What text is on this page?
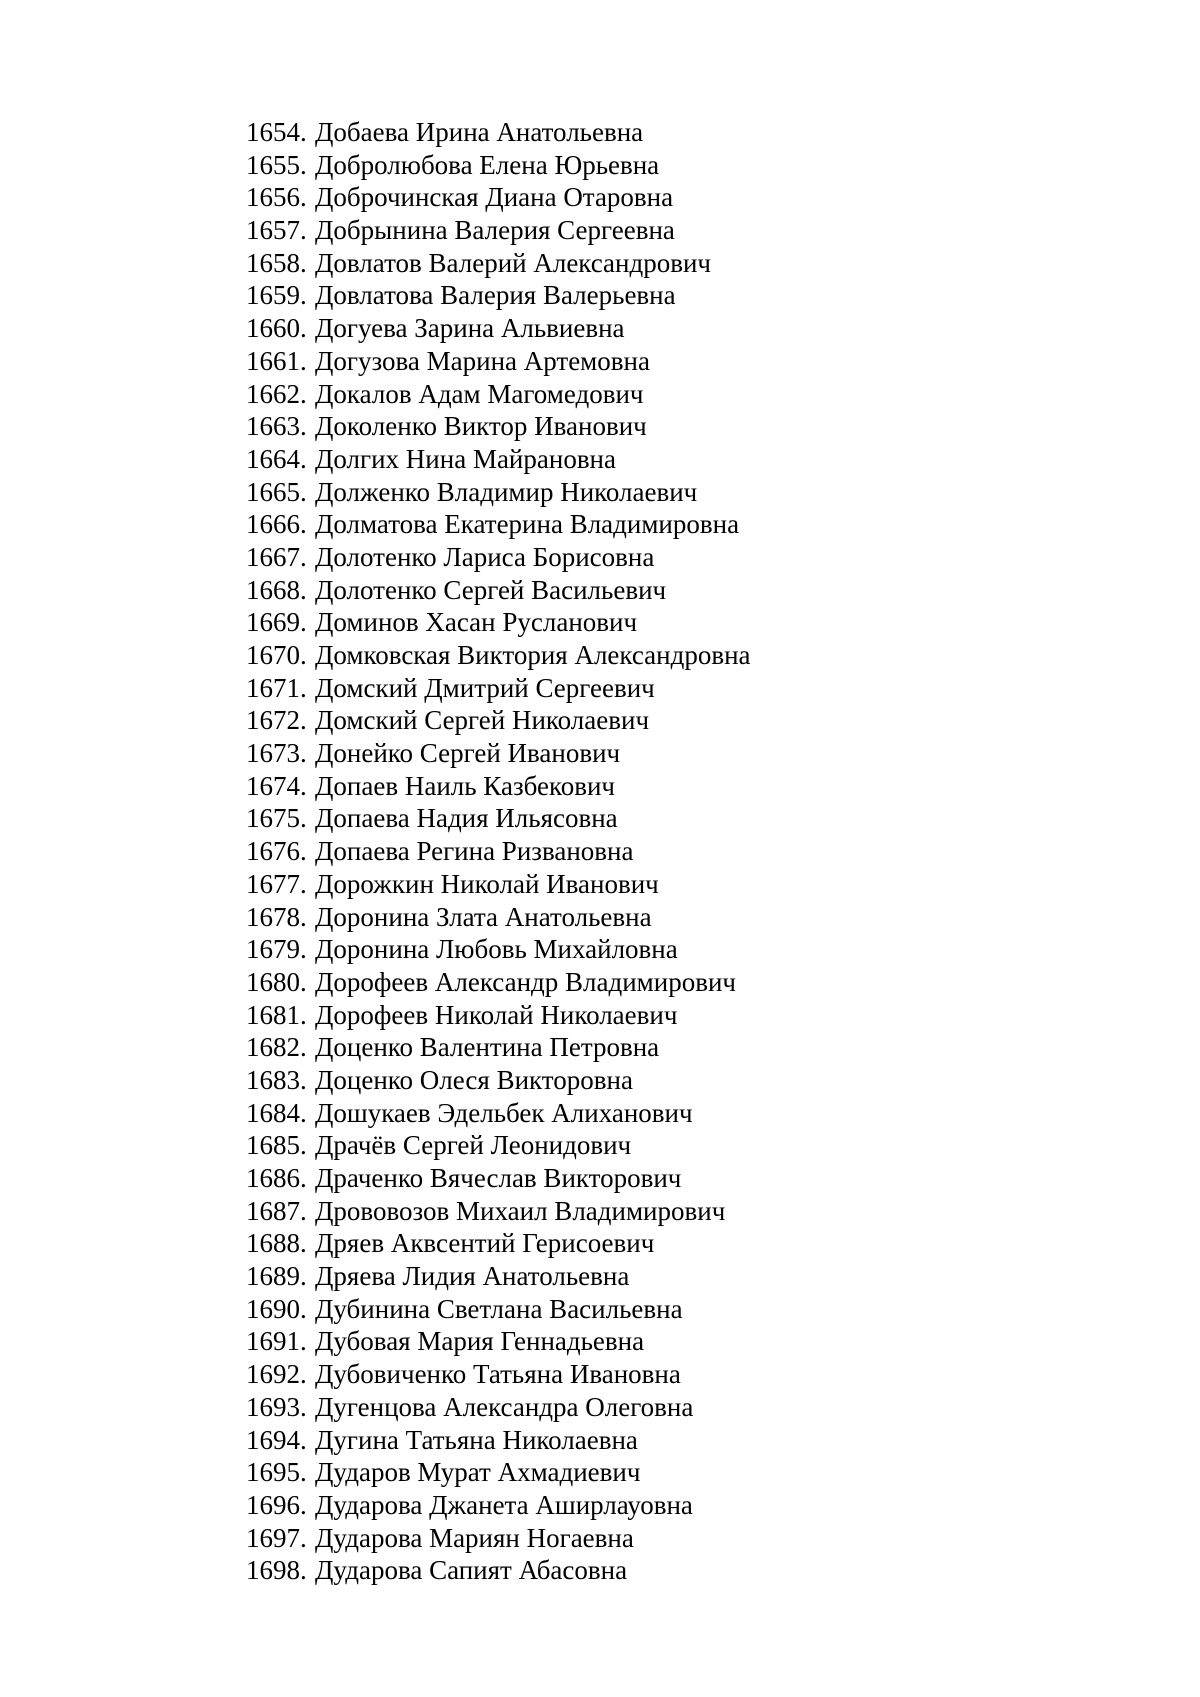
1654. Добаева Ирина Анатольевна
1655. Добролюбова Елена Юрьевна
1656. Доброчинская Диана Отаровна
1657. Добрынина Валерия Сергеевна
1658. Довлатов Валерий Александрович
1659. Довлатова Валерия Валерьевна
1660. Догуева Зарина Альвиевна
1661. Догузова Марина Артемовна
1662. Докалов Адам Магомедович
1663. Доколенко Виктор Иванович
1664. Долгих Нина Майрановна
1665. Долженко Владимир Николаевич
1666. Долматова Екатерина Владимировна
1667. Долотенко Лариса Борисовна
1668. Долотенко Сергей Васильевич
1669. Доминов Хасан Русланович
1670. Домковская Виктория Александровна
1671. Домский Дмитрий Сергеевич
1672. Домский Сергей Николаевич
1673. Донейко Сергей Иванович
1674. Допаев Наиль Казбекович
1675. Допаева Надия Ильясовна
1676. Допаева Регина Ризвановна
1677. Дорожкин Николай Иванович
1678. Доронина Злата Анатольевна
1679. Доронина Любовь Михайловна
1680. Дорофеев Александр Владимирович
1681. Дорофеев Николай Николаевич
1682. Доценко Валентина Петровна
1683. Доценко Олеся Викторовна
1684. Дошукаев Эдельбек Алиханович
1685. Драчёв Сергей Леонидович
1686. Драченко Вячеслав Викторович
1687. Дрововозов Михаил Владимирович
1688. Дряев Аквсентий Герисоевич
1689. Дряева Лидия Анатольевна
1690. Дубинина Светлана Васильевна
1691. Дубовая Мария Геннадьевна
1692. Дубовиченко Татьяна Ивановна
1693. Дугенцова Александра Олеговна
1694. Дугина Татьяна Николаевна
1695. Дударов Мурат Ахмадиевич
1696. Дударова Джанета Аширлауовна
1697. Дударова Мариян Ногаевна
1698. Дударова Сапият Абасовна
